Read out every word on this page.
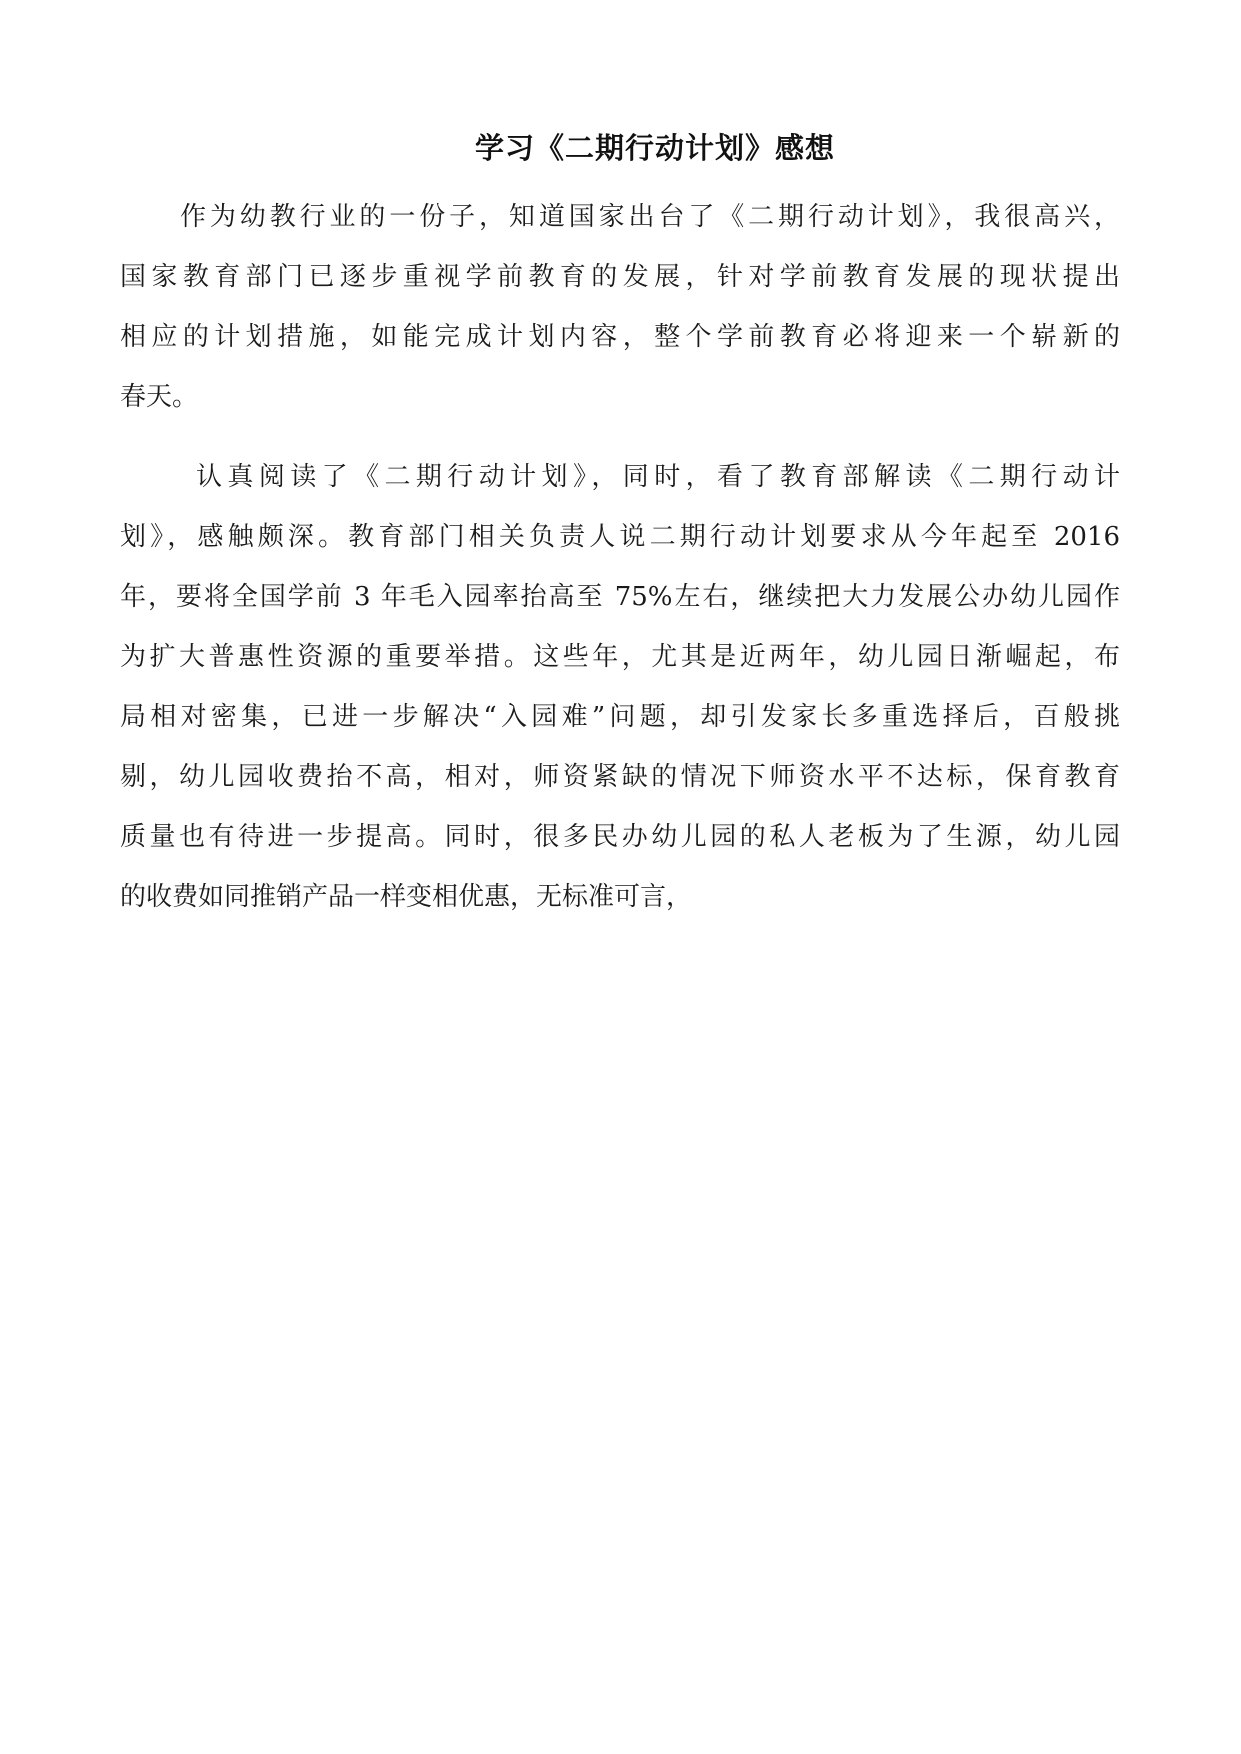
学习《二期行动计划》感想

作为幼教行业的一份子，知道国家出台了《二期行动计划》，我很高兴，

国家教育部门已逐步重视学前教育的发展，针对学前教育发展的现状提出

相应的计划措施，如能完成计划内容，整个学前教育必将迎来一个崭新的

春天。

认真阅读了《二期行动计划》，同时，看了教育部解读《二期行动计

划》，感触颇深。教育部门相关负责人说二期行动计划要求从今年起至 2016

年，要将全国学前 3 年毛入园率抬高至 75%左右，继续把大力发展公办幼儿园作

为扩大普惠性资源的重要举措。这些年，尤其是近两年，幼儿园日渐崛起，布

局相对密集，已进一步解决“入园难”问题，却引发家长多重选择后，百般挑

剔，幼儿园收费抬不高，相对，师资紧缺的情况下师资水平不达标，保育教育

质量也有待进一步提高。同时，很多民办幼儿园的私人老板为了生源，幼儿园

的收费如同推销产品一样变相优惠，无标准可言，
